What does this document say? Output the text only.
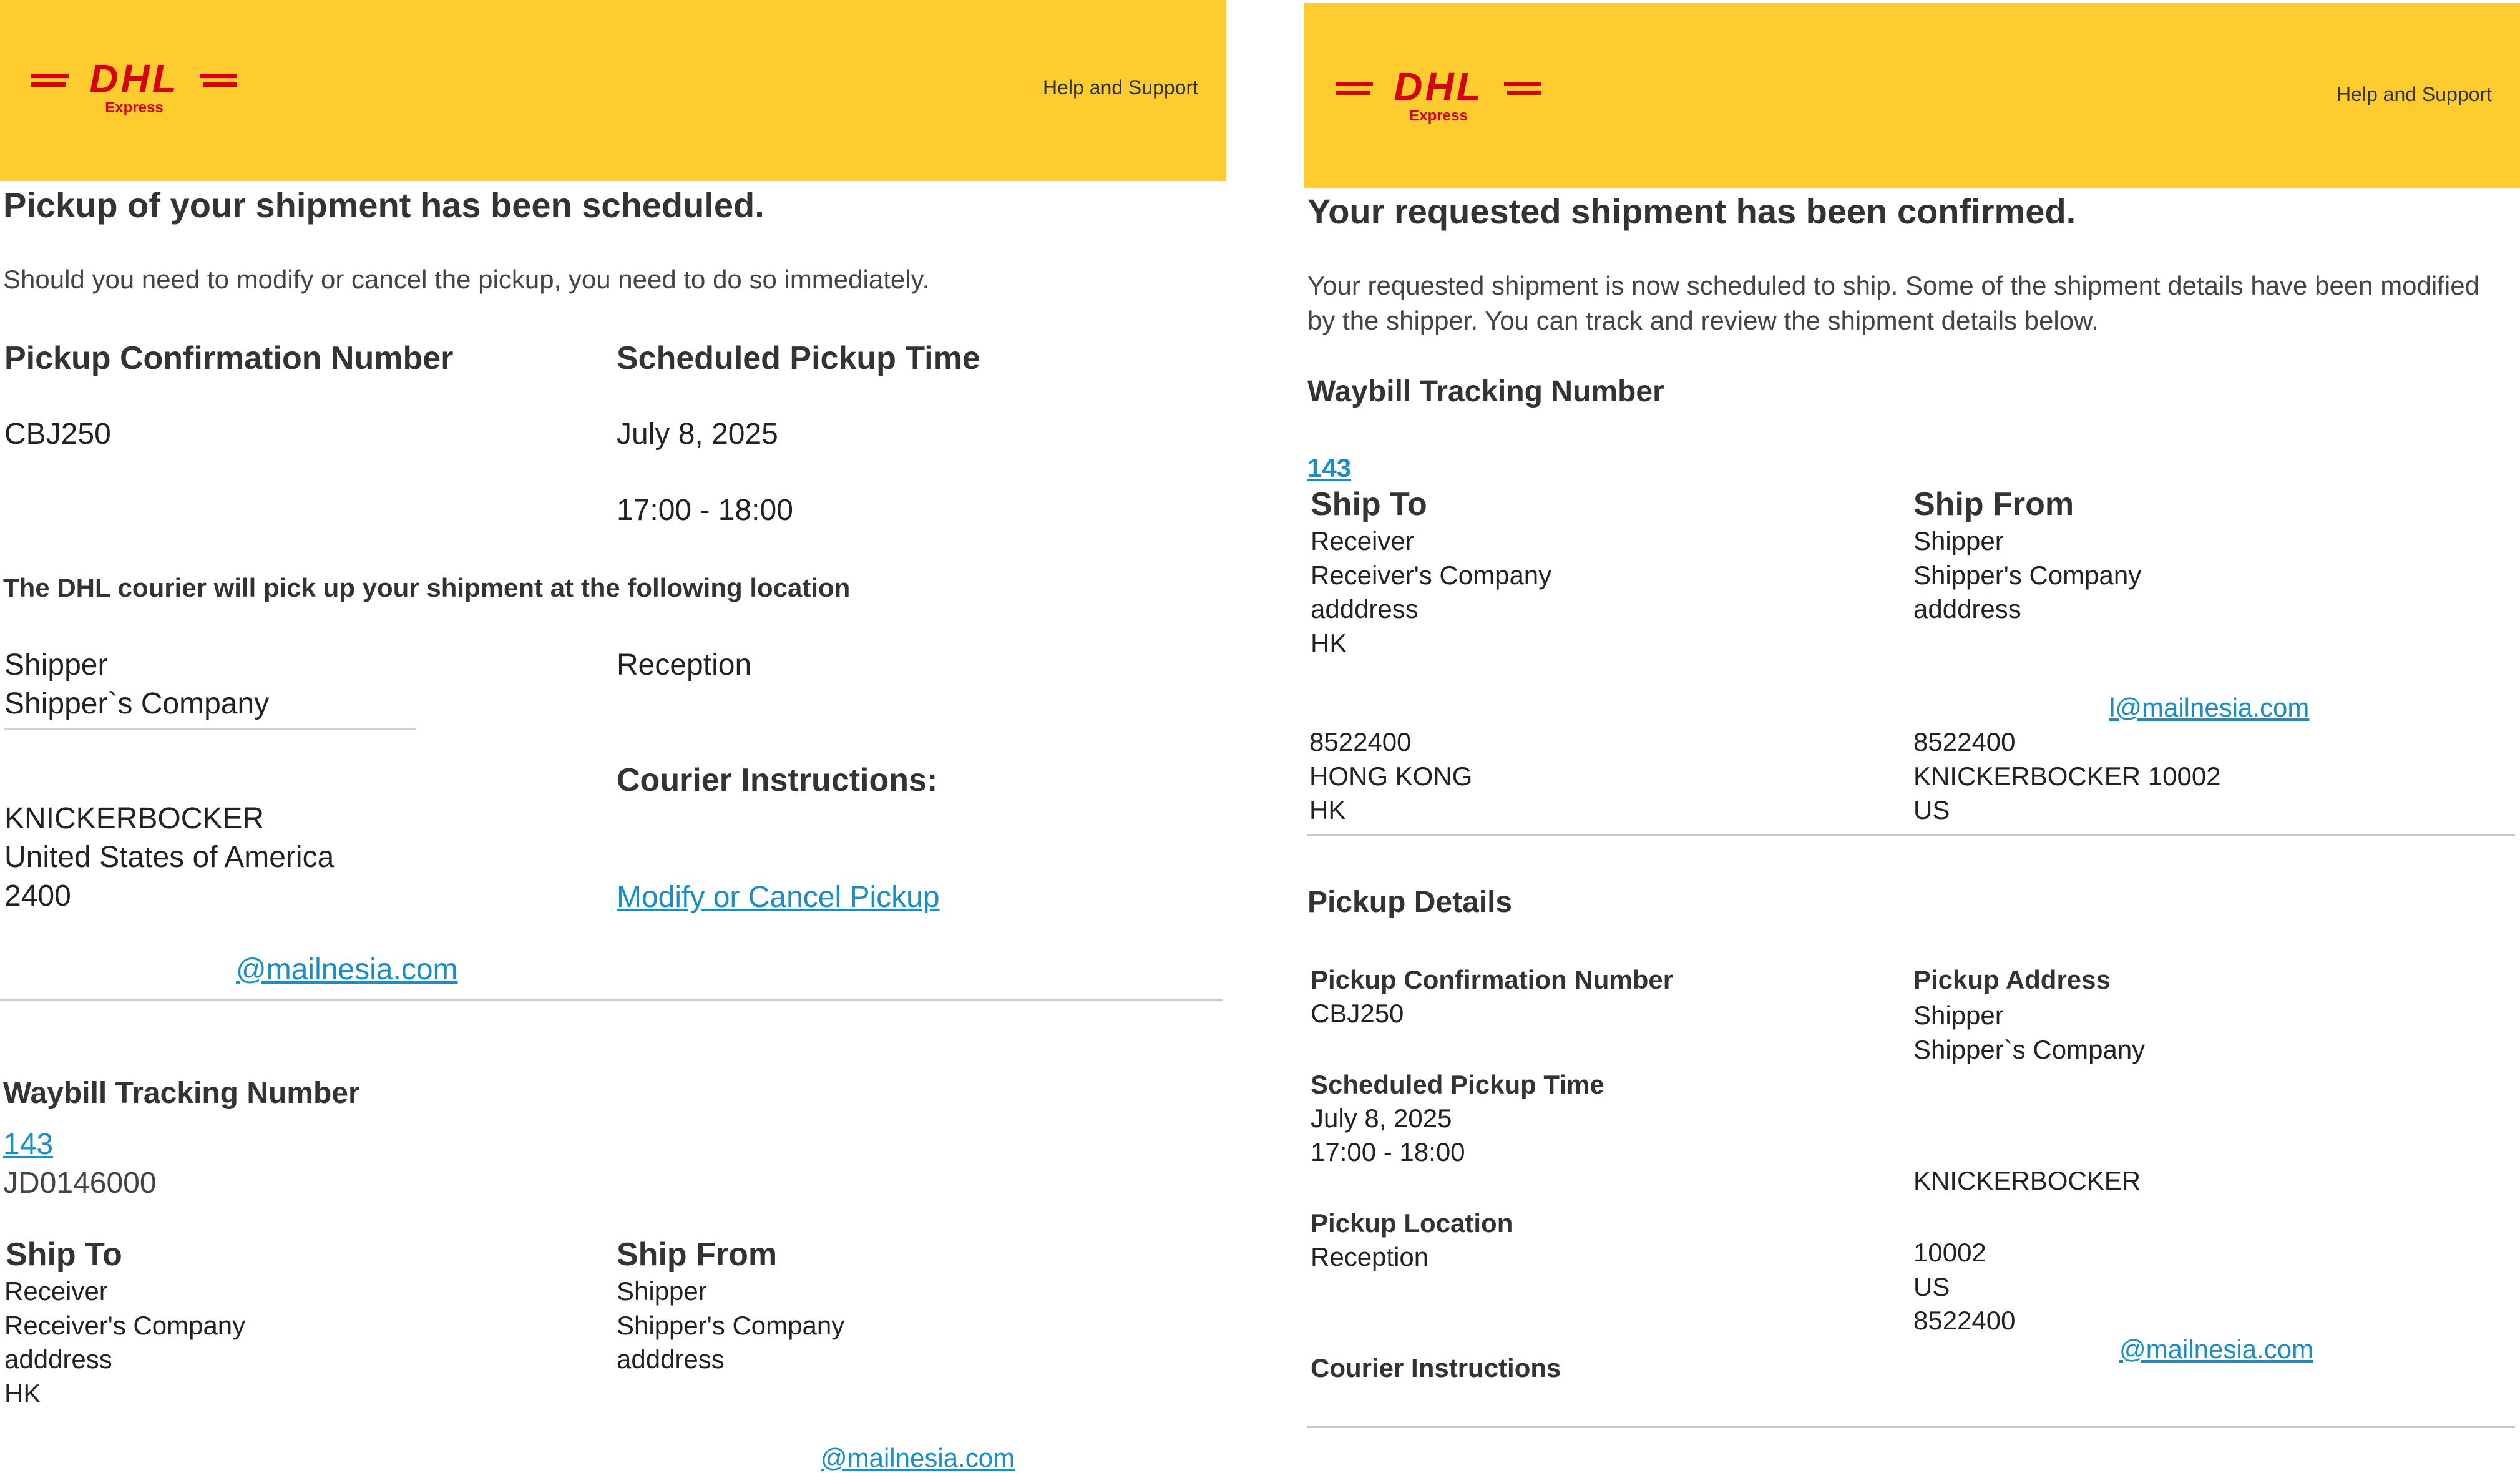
DHL
Express
Help and Support
Pickup of your shipment has been scheduled.
Should you need to modify or cancel the pickup, you need to do so immediately.
Pickup Confirmation Number
CBJ250
Scheduled Pickup Time
July 8, 2025
17:00 - 18:00
The DHL courier will pick up your shipment at the following location
Shipper
Shipper`s Company
KNICKERBOCKER
United States of America
2400
@mailnesia.com
Reception
Courier Instructions:
Modify or Cancel Pickup
Waybill Tracking Number
143
JD0146000
Ship To
Receiver
Receiver's Company
adddress
HK
Ship From
Shipper
Shipper's Company
adddress
@mailnesia.com
DHL
Express
Help and Support
Your requested shipment has been confirmed.
Your requested shipment is now scheduled to ship. Some of the shipment details have been modified by the shipper. You can track and review the shipment details below.
Waybill Tracking Number
143
Ship To
Receiver
Receiver's Company
adddress
HK
8522400
HONG KONG
HK
Ship From
Shipper
Shipper's Company
adddress
l@mailnesia.com
8522400
KNICKERBOCKER 10002
US
Pickup Details
Pickup Confirmation Number
CBJ250
Scheduled Pickup Time
July 8, 2025
17:00 - 18:00
Pickup Location
Reception
Courier Instructions
Pickup Address
Shipper
Shipper`s Company
KNICKERBOCKER
10002
US
8522400
@mailnesia.com
